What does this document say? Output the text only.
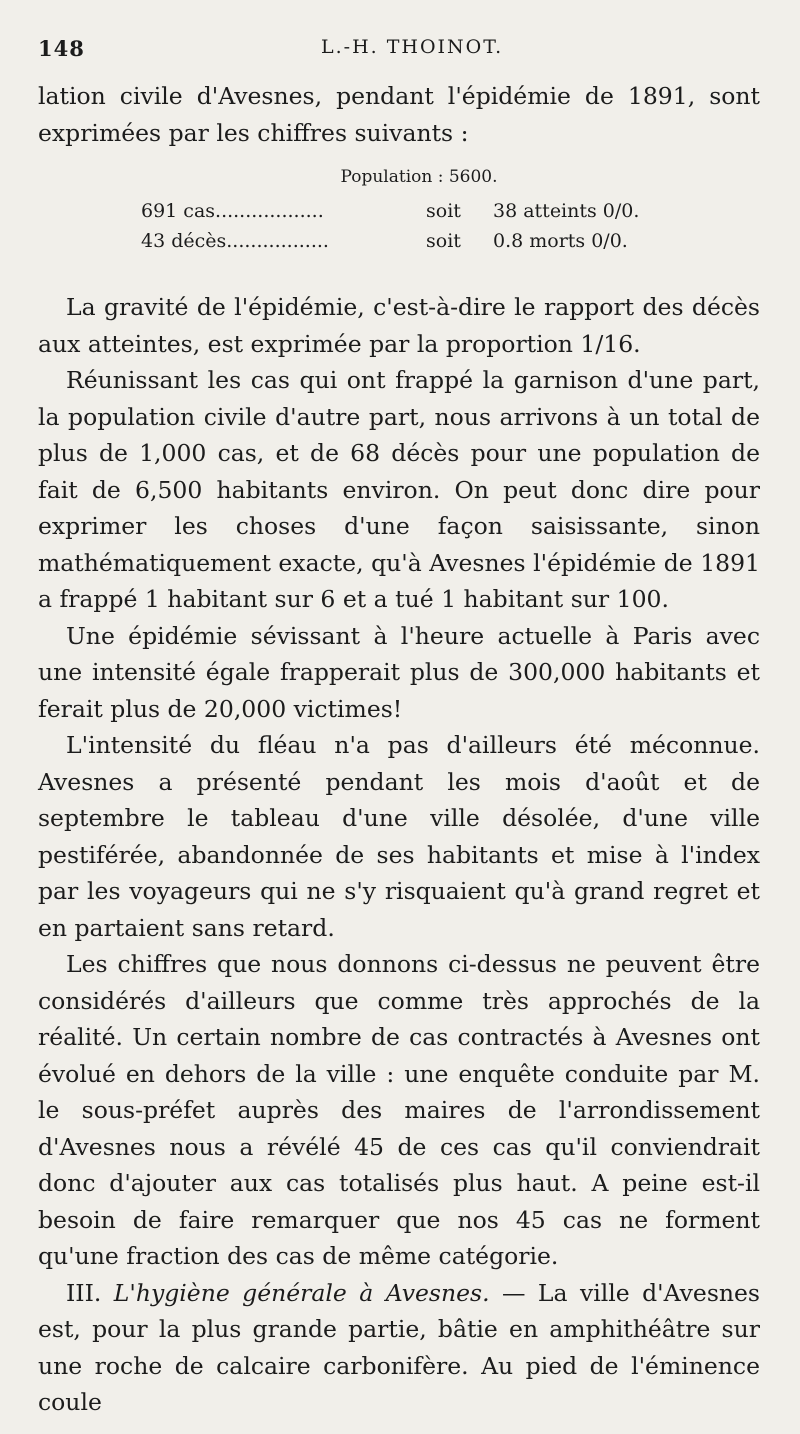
148	L.-H. THOINOT.

lation civile d'Avesnes, pendant l'épidémie de 1891, sont exprimées par les chiffres suivants :

Population : 5600.
691 cas..................	soit 38 atteints 0/0.
43 décès.................	soit 0.8 morts 0/0.

La gravité de l'épidémie, c'est-à-dire le rapport des décès aux atteintes, est exprimée par la proportion 1/16.

Réunissant les cas qui ont frappé la garnison d'une part, la population civile d'autre part, nous arrivons à un total de plus de 1,000 cas, et de 68 décès pour une population de fait de 6,500 habitants environ. On peut donc dire pour exprimer les choses d'une façon saisissante, sinon mathématiquement exacte, qu'à Avesnes l'épidémie de 1891 a frappé 1 habitant sur 6 et a tué 1 habitant sur 100.

Une épidémie sévissant à l'heure actuelle à Paris avec une intensité égale frapperait plus de 300,000 habitants et ferait plus de 20,000 victimes!

L'intensité du fléau n'a pas d'ailleurs été méconnue. Avesnes a présenté pendant les mois d'août et de septembre le tableau d'une ville désolée, d'une ville pestiférée, abandonnée de ses habitants et mise à l'index par les voyageurs qui ne s'y risquaient qu'à grand regret et en partaient sans retard.

Les chiffres que nous donnons ci-dessus ne peuvent être considérés d'ailleurs que comme très approchés de la réalité. Un certain nombre de cas contractés à Avesnes ont évolué en dehors de la ville : une enquête conduite par M. le sous-préfet auprès des maires de l'arrondissement d'Avesnes nous a révélé 45 de ces cas qu'il conviendrait donc d'ajouter aux cas totalisés plus haut. A peine est-il besoin de faire remarquer que nos 45 cas ne forment qu'une fraction des cas de même catégorie.

III. L'hygiène générale à Avesnes. — La ville d'Avesnes est, pour la plus grande partie, bâtie en amphithéâtre sur une roche de calcaire carbonifère. Au pied de l'éminence coule
